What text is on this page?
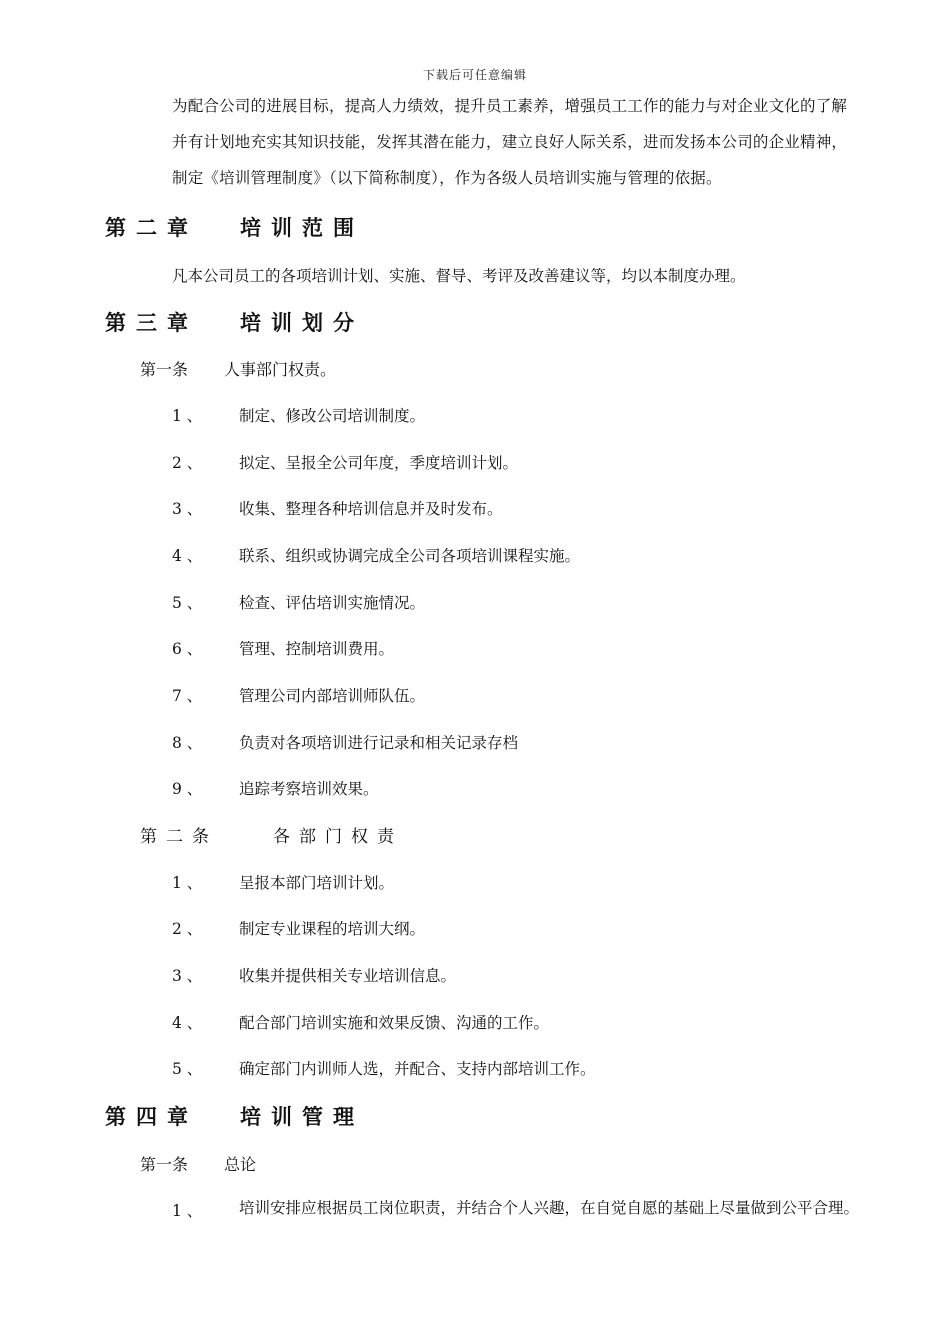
下载后可任意编辑
为配合公司的进展目标，提高人力绩效，提升员工素养，增强员工工作的能力与对企业文化的了解并有计划地充实其知识技能，发挥其潜在能力，建立良好人际关系，进而发扬本公司的企业精神，制定《培训管理制度》（以下简称制度），作为各级人员培训实施与管理的依据。
第二章 培训范围
凡本公司员工的各项培训计划、实施、督导、考评及改善建议等，均以本制度办理。
第三章 培训划分
第一条 人事部门权责。
1 、 制定、修改公司培训制度。
2 、 拟定、呈报全公司年度，季度培训计划。
3 、 收集、整理各种培训信息并及时发布。
4 、 联系、组织或协调完成全公司各项培训课程实施。
5 、 检查、评估培训实施情况。
6 、 管理、控制培训费用。
7 、 管理公司内部培训师队伍。
8 、 负责对各项培训进行记录和相关记录存档
9 、 追踪考察培训效果。
第二条	各部门权责
1 、 呈报本部门培训计划。
2 、 制定专业课程的培训大纲。
3 、 收集并提供相关专业培训信息。
4 、 配合部门培训实施和效果反馈、沟通的工作。
5 、 确定部门内训师人选，并配合、支持内部培训工作。
第四章 培训管理
第一条 总论
1 、 培训安排应根据员工岗位职责，并结合个人兴趣，在自觉自愿的基础上尽量做到公平合理。
